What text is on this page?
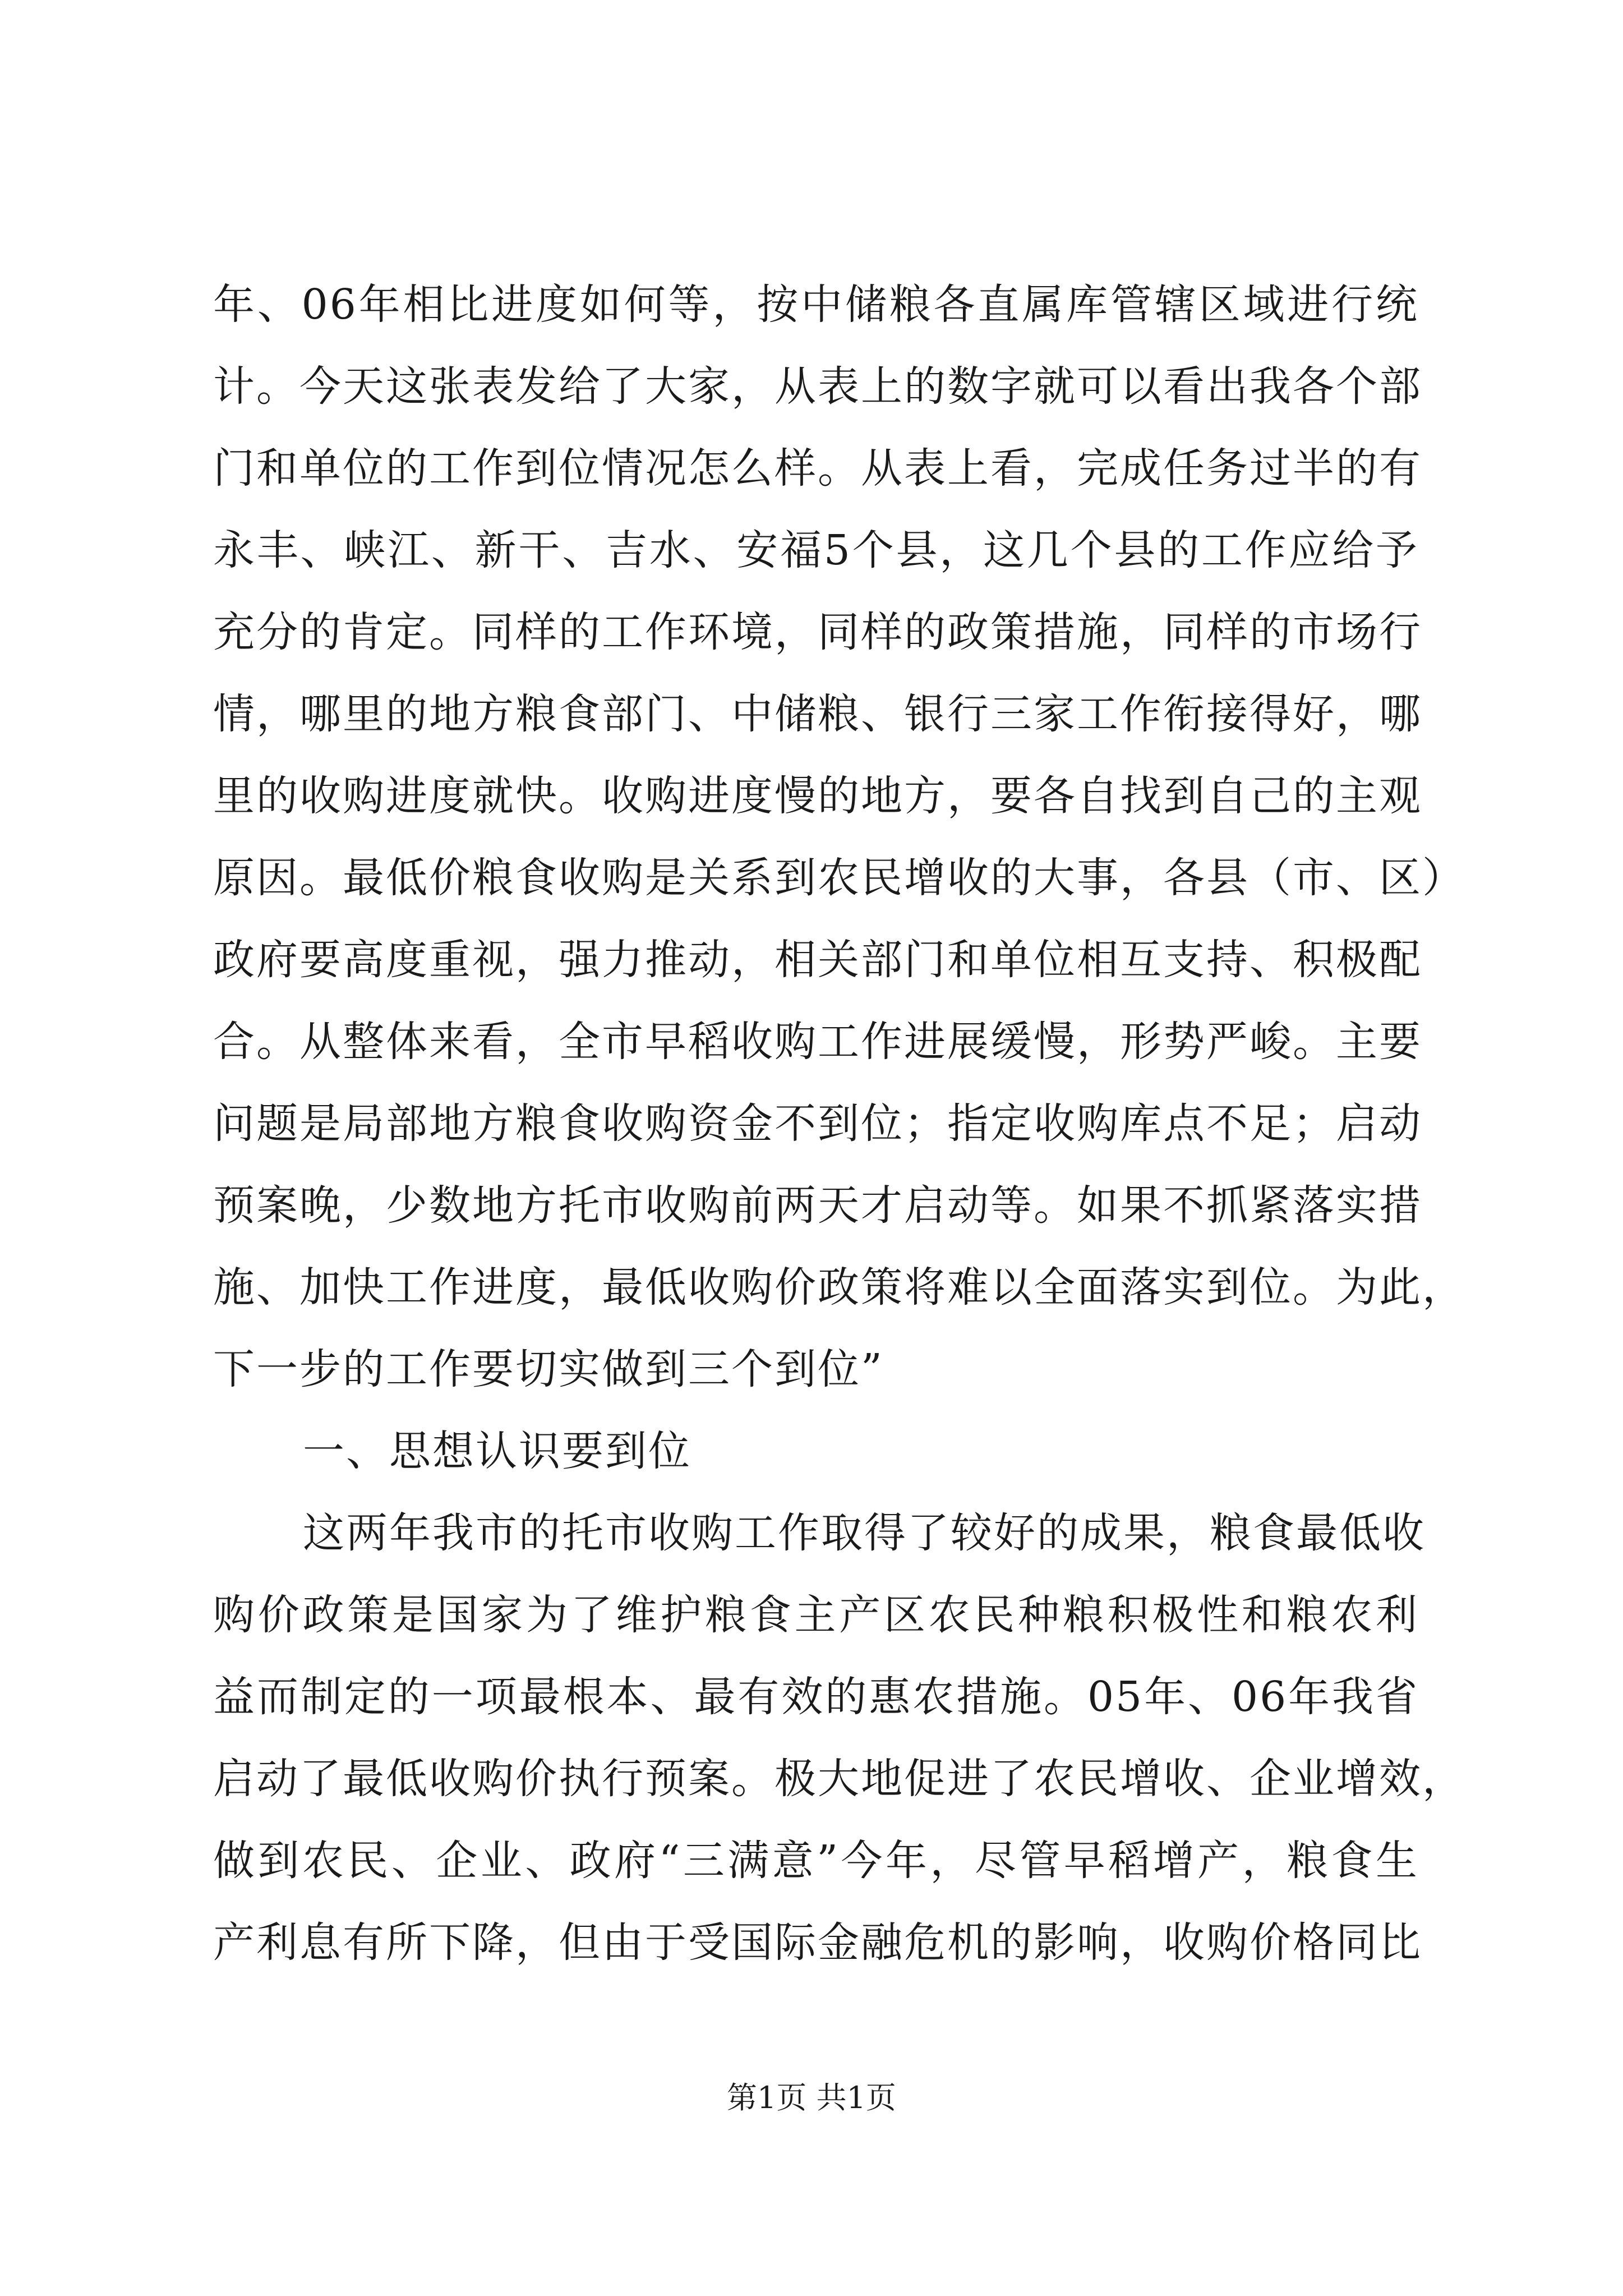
年、06年相比进度如何等，按中储粮各直属库管辖区域进行统
计。今天这张表发给了大家，从表上的数字就可以看出我各个部
门和单位的工作到位情况怎么样。从表上看，完成任务过半的有
永丰、峡江、新干、吉水、安福5个县，这几个县的工作应给予
充分的肯定。同样的工作环境，同样的政策措施，同样的市场行
情，哪里的地方粮食部门、中储粮、银行三家工作衔接得好，哪
里的收购进度就快。收购进度慢的地方，要各自找到自己的主观
原因。最低价粮食收购是关系到农民增收的大事，各县（市、区）
政府要高度重视，强力推动，相关部门和单位相互支持、积极配
合。从整体来看，全市早稻收购工作进展缓慢，形势严峻。主要
问题是局部地方粮食收购资金不到位；指定收购库点不足；启动
预案晚，少数地方托市收购前两天才启动等。如果不抓紧落实措
施、加快工作进度，最低收购价政策将难以全面落实到位。为此，
下一步的工作要切实做到三个到位”
一、思想认识要到位
这两年我市的托市收购工作取得了较好的成果，粮食最低收
购价政策是国家为了维护粮食主产区农民种粮积极性和粮农利
益而制定的一项最根本、最有效的惠农措施。05年、06年我省
启动了最低收购价执行预案。极大地促进了农民增收、企业增效，
做到农民、企业、政府“三满意”今年，尽管早稻增产，粮食生
产利息有所下降，但由于受国际金融危机的影响，收购价格同比
第1页 共1页
